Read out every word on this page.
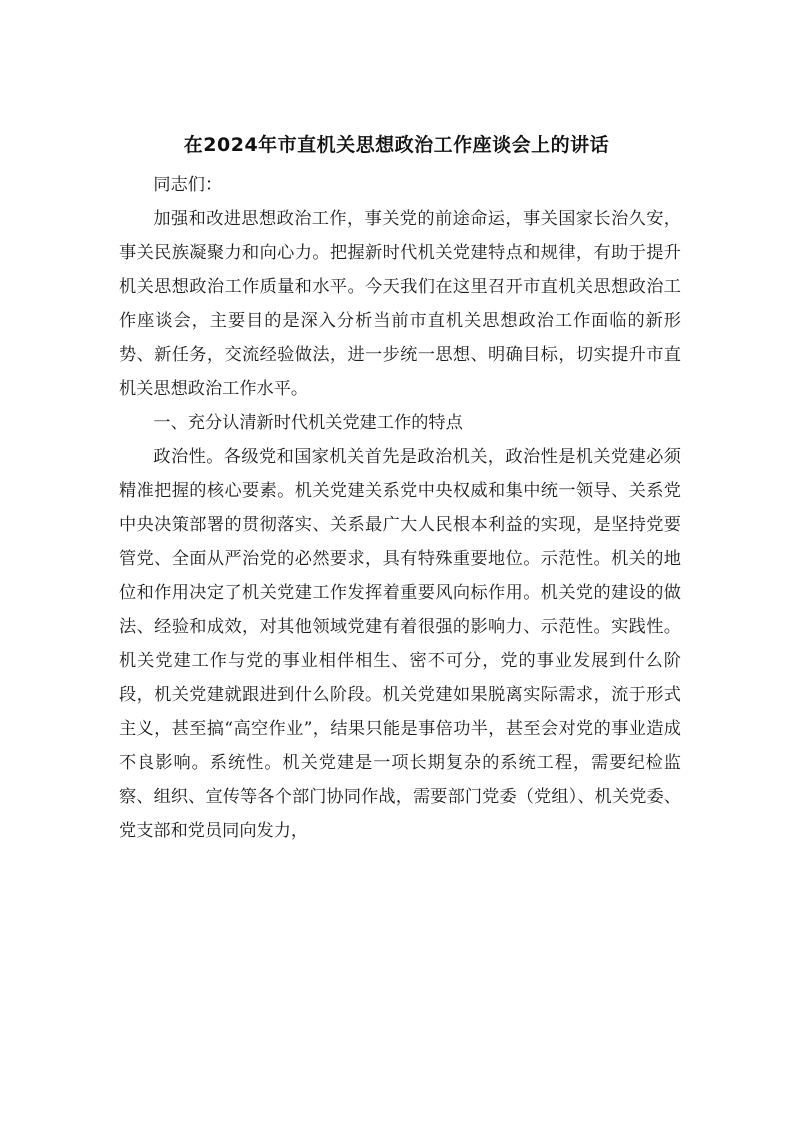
在2024年市直机关思想政治工作座谈会上的讲话

同志们：

加强和改进思想政治工作，事关党的前途命运，事关国家长治久安，事关民族凝聚力和向心力。把握新时代机关党建特点和规律，有助于提升机关思想政治工作质量和水平。今天我们在这里召开市直机关思想政治工作座谈会，主要目的是深入分析当前市直机关思想政治工作面临的新形势、新任务，交流经验做法，进一步统一思想、明确目标，切实提升市直机关思想政治工作水平。

一、充分认清新时代机关党建工作的特点

政治性。各级党和国家机关首先是政治机关，政治性是机关党建必须精准把握的核心要素。机关党建关系党中央权威和集中统一领导、关系党中央决策部署的贯彻落实、关系最广大人民根本利益的实现，是坚持党要管党、全面从严治党的必然要求，具有特殊重要地位。示范性。机关的地位和作用决定了机关党建工作发挥着重要风向标作用。机关党的建设的做法、经验和成效，对其他领域党建有着很强的影响力、示范性。实践性。机关党建工作与党的事业相伴相生、密不可分，党的事业发展到什么阶段，机关党建就跟进到什么阶段。机关党建如果脱离实际需求，流于形式主义，甚至搞“高空作业”，结果只能是事倍功半，甚至会对党的事业造成不良影响。系统性。机关党建是一项长期复杂的系统工程，需要纪检监察、组织、宣传等各个部门协同作战，需要部门党委（党组）、机关党委、党支部和党员同向发力，
